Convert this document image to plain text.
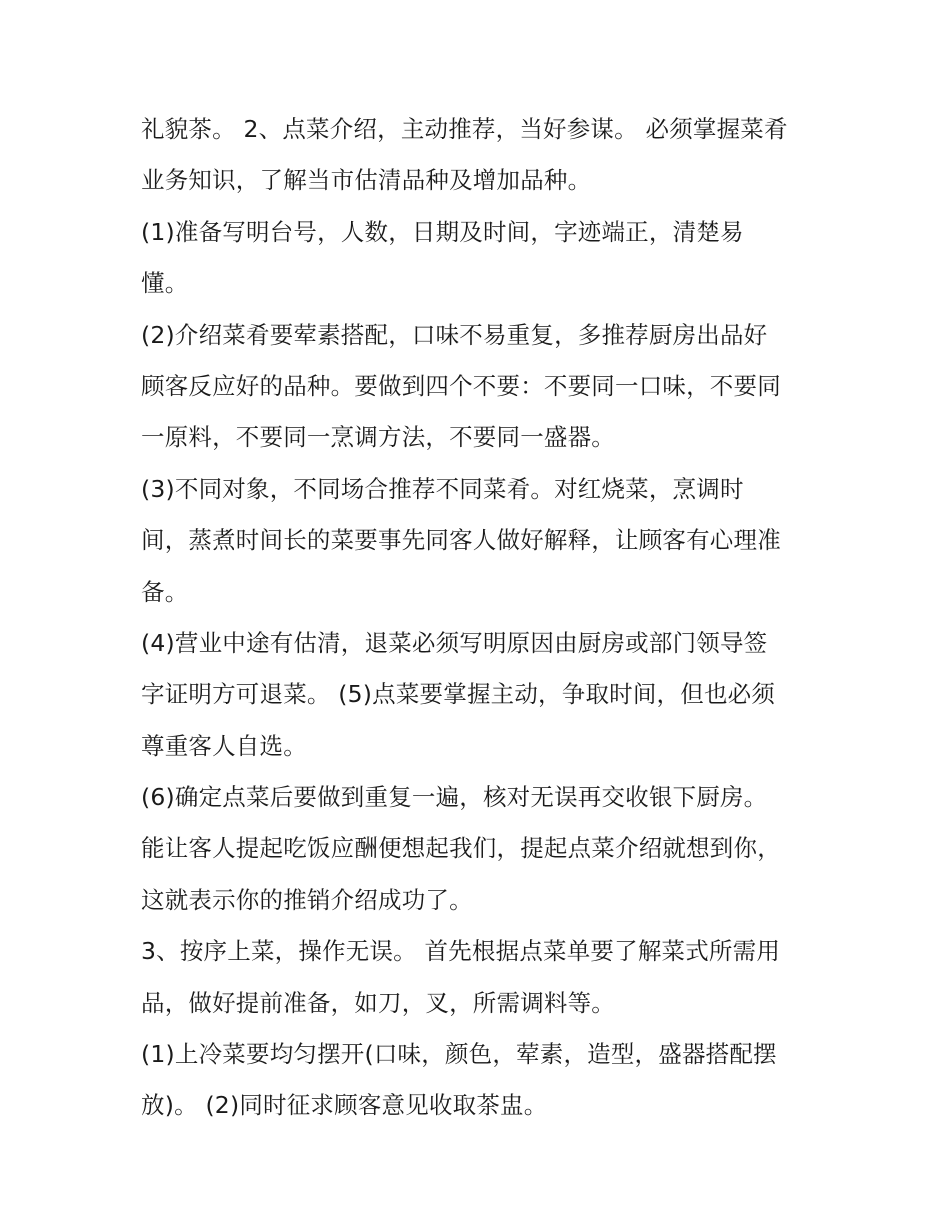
礼貌茶。 2、点菜介绍，主动推荐，当好参谋。 必须掌握菜肴
业务知识，了解当市估清品种及增加品种。
(1)准备写明台号，人数，日期及时间，字迹端正，清楚易
懂。
(2)介绍菜肴要荤素搭配，口味不易重复，多推荐厨房出品好
顾客反应好的品种。要做到四个不要：不要同一口味，不要同
一原料，不要同一烹调方法，不要同一盛器。
(3)不同对象，不同场合推荐不同菜肴。对红烧菜，烹调时
间，蒸煮时间长的菜要事先同客人做好解释，让顾客有心理准
备。
(4)营业中途有估清，退菜必须写明原因由厨房或部门领导签
字证明方可退菜。 (5)点菜要掌握主动，争取时间，但也必须
尊重客人自选。
(6)确定点菜后要做到重复一遍，核对无误再交收银下厨房。
能让客人提起吃饭应酬便想起我们，提起点菜介绍就想到你，
这就表示你的推销介绍成功了。
3、按序上菜，操作无误。 首先根据点菜单要了解菜式所需用
品，做好提前准备，如刀，叉，所需调料等。
(1)上冷菜要均匀摆开(口味，颜色，荤素，造型，盛器搭配摆
放)。 (2)同时征求顾客意见收取茶盅。
